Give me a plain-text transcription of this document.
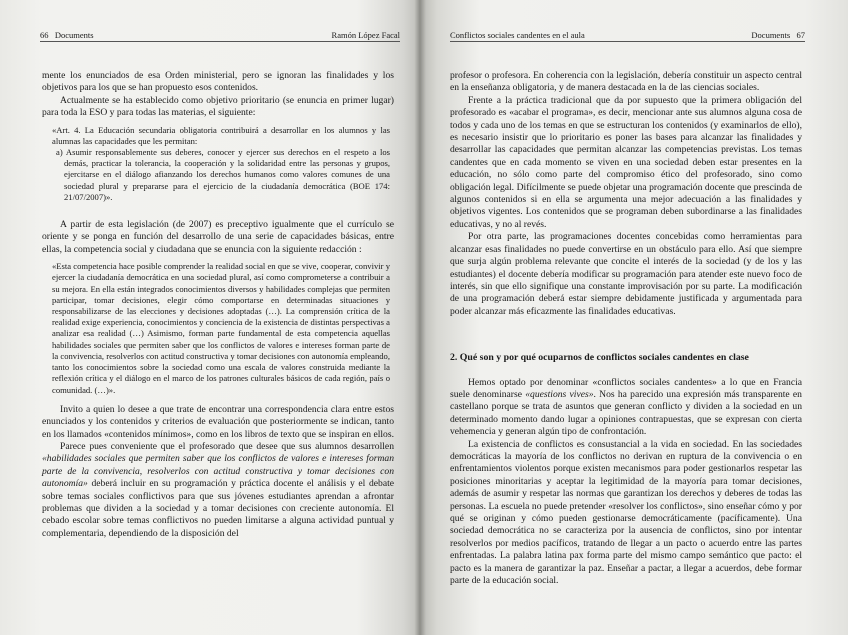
66 Documents	Ramón López Facal

mente los enunciados de esa Orden ministerial, pero se ignoran las finalidades y los objetivos para los que se han propuesto esos contenidos.

Actualmente se ha establecido como objetivo prioritario (se enuncia en primer lugar) para toda la ESO y para todas las materias, el siguiente:

«Art. 4. La Educación secundaria obligatoria contribuirá a desarrollar en los alumnos y las alumnas las capacidades que les permitan:

a) Asumir responsablemente sus deberes, conocer y ejercer sus derechos en el respeto a los demás, practicar la tolerancia, la cooperación y la solidaridad entre las personas y grupos, ejercitarse en el diálogo afianzando los derechos humanos como valores comunes de una sociedad plural y prepararse para el ejercicio de la ciudadanía democrática (BOE 174: 21/07/2007)».

A partir de esta legislación (de 2007) es preceptivo igualmente que el currículo se oriente y se ponga en función del desarrollo de una serie de capacidades básicas, entre ellas, la competencia social y ciudadana que se enuncia con la siguiente redacción :

«Esta competencia hace posible comprender la realidad social en que se vive, cooperar, convivir y ejercer la ciudadanía democrática en una sociedad plural, así como comprometerse a contribuir a su mejora. En ella están integrados conocimientos diversos y habilidades complejas que permiten participar, tomar decisiones, elegir cómo comportarse en determinadas situaciones y responsabilizarse de las elecciones y decisiones adoptadas (…). La comprensión crítica de la realidad exige experiencia, conocimientos y conciencia de la existencia de distintas perspectivas a analizar esa realidad (…) Asimismo, forman parte fundamental de esta competencia aquellas habilidades sociales que permiten saber que los conflictos de valores e intereses forman parte de la convivencia, resolverlos con actitud constructiva y tomar decisiones con autonomía empleando, tanto los conocimientos sobre la sociedad como una escala de valores construida mediante la reflexión crítica y el diálogo en el marco de los patrones culturales básicos de cada región, país o comunidad. (…)».

Invito a quien lo desee a que trate de encontrar una correspondencia clara entre estos enunciados y los contenidos y criterios de evaluación que posteriormente se indican, tanto en los llamados «contenidos mínimos», como en los libros de texto que se inspiran en ellos.

Parece pues conveniente que el profesorado que desee que sus alumnos desarrollen «habilidades sociales que permiten saber que los conflictos de valores e intereses forman parte de la convivencia, resolverlos con actitud constructiva y tomar decisiones con autonomía» deberá incluir en su programación y práctica docente el análisis y el debate sobre temas sociales conflictivos para que sus jóvenes estudiantes aprendan a afrontar problemas que dividen a la sociedad y a tomar decisiones con creciente autonomía. El cebado escolar sobre temas conflictivos no pueden limitarse a alguna actividad puntual y complementaria, dependiendo de la disposición del

Conflictos sociales candentes en el aula	Documents 67

profesor o profesora. En coherencia con la legislación, debería constituir un aspecto central en la enseñanza obligatoria, y de manera destacada en la de las ciencias sociales.

Frente a la práctica tradicional que da por supuesto que la primera obligación del profesorado es «acabar el programa», es decir, mencionar ante sus alumnos alguna cosa de todos y cada uno de los temas en que se estructuran los contenidos (y examinarlos de ello), es necesario insistir que lo prioritario es poner las bases para alcanzar las finalidades y desarrollar las capacidades que permitan alcanzar las competencias previstas. Los temas candentes que en cada momento se viven en una sociedad deben estar presentes en la educación, no sólo como parte del compromiso ético del profesorado, sino como obligación legal. Difícilmente se puede objetar una programación docente que prescinda de algunos contenidos si en ella se argumenta una mejor adecuación a las finalidades y objetivos vigentes. Los contenidos que se programan deben subordinarse a las finalidades educativas, y no al revés.

Por otra parte, las programaciones docentes concebidas como herramientas para alcanzar esas finalidades no puede convertirse en un obstáculo para ello. Así que siempre que surja algún problema relevante que concite el interés de la sociedad (y de los y las estudiantes) el docente debería modificar su programación para atender este nuevo foco de interés, sin que ello signifique una constante improvisación por su parte. La modificación de una programación deberá estar siempre debidamente justificada y argumentada para poder alcanzar más eficazmente las finalidades educativas.

2. Qué son y por qué ocuparnos de conflictos sociales candentes en clase

Hemos optado por denominar «conflictos sociales candentes» a lo que en Francia suele denominarse «questions vives». Nos ha parecido una expresión más transparente en castellano porque se trata de asuntos que generan conflicto y dividen a la sociedad en un determinado momento dando lugar a opiniones contrapuestas, que se expresan con cierta vehemencia y generan algún tipo de confrontación.

La existencia de conflictos es consustancial a la vida en sociedad. En las sociedades democráticas la mayoría de los conflictos no derivan en ruptura de la convivencia o en enfrentamientos violentos porque existen mecanismos para poder gestionarlos respetar las posiciones minoritarias y aceptar la legitimidad de la mayoría para tomar decisiones, además de asumir y respetar las normas que garantizan los derechos y deberes de todas las personas. La escuela no puede pretender «resolver los conflictos», sino enseñar cómo y por qué se originan y cómo pueden gestionarse democráticamente (pacíficamente). Una sociedad democrática no se caracteriza por la ausencia de conflictos, sino por intentar resolverlos por medios pacíficos, tratando de llegar a un pacto o acuerdo entre las partes enfrentadas. La palabra latina pax forma parte del mismo campo semántico que pacto: el pacto es la manera de garantizar la paz. Enseñar a pactar, a llegar a acuerdos, debe formar parte de la educación social.
